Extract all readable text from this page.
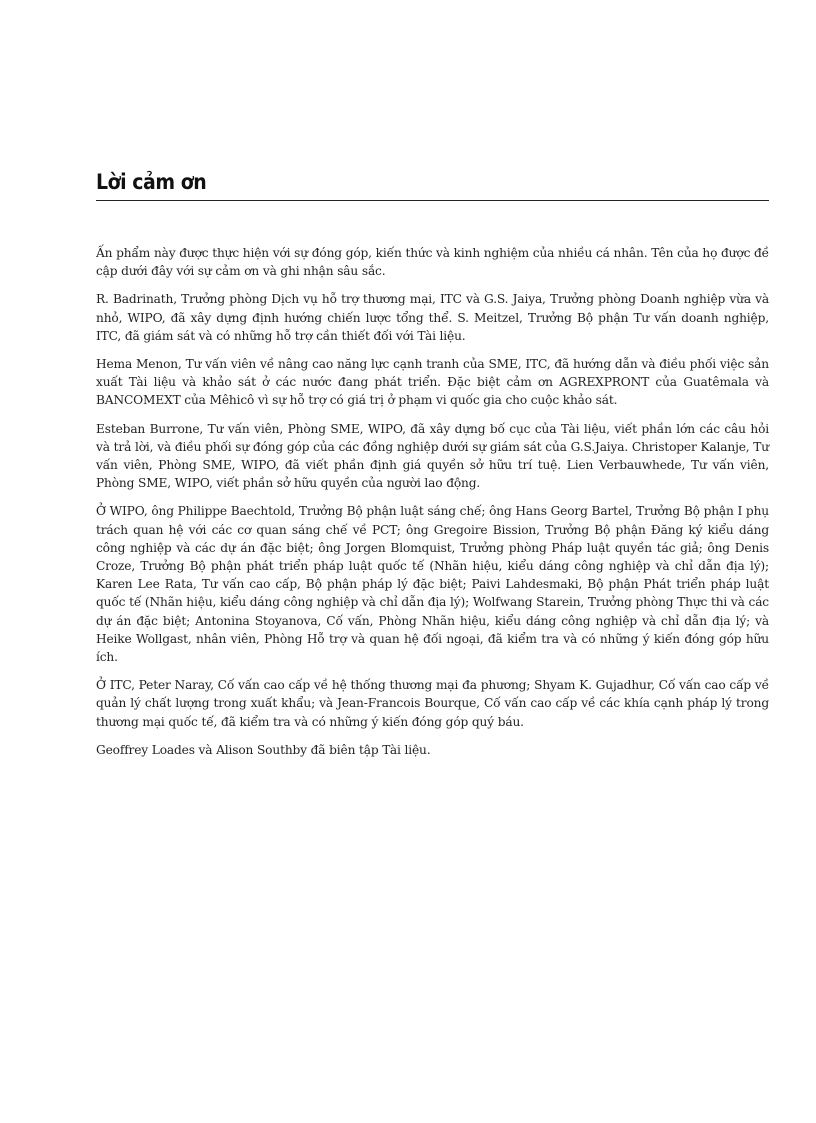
Lời cảm ơn

Ấn phẩm này được thực hiện với sự đóng góp, kiến thức và kinh nghiệm của nhiều cá nhân. Tên của họ được đề cập dưới đây với sự cảm ơn và ghi nhận sâu sắc.

R. Badrinath, Trưởng phòng Dịch vụ hỗ trợ thương mại, ITC và G.S. Jaiya, Trưởng phòng Doanh nghiệp vừa và nhỏ, WIPO, đã xây dựng định hướng chiến lược tổng thể. S. Meitzel, Trưởng Bộ phận Tư vấn doanh nghiệp, ITC, đã giám sát và có những hỗ trợ cần thiết đối với Tài liệu.

Hema Menon, Tư vấn viên về nâng cao năng lực cạnh tranh của SME, ITC, đã hướng dẫn và điều phối việc sản xuất Tài liệu và khảo sát ở các nước đang phát triển. Đặc biệt cảm ơn AGREXPRONT của Guatêmala và BANCOMEXT của Mêhicô vì sự hỗ trợ có giá trị ở phạm vi quốc gia cho cuộc khảo sát.

Esteban Burrone, Tư vấn viên, Phòng SME, WIPO, đã xây dựng bố cục của Tài liệu, viết phần lớn các câu hỏi và trả lời, và điều phối sự đóng góp của các đồng nghiệp dưới sự giám sát của G.S.Jaiya. Christoper Kalanje, Tư vấn viên, Phòng SME, WIPO, đã viết phần định giá quyền sở hữu trí tuệ. Lien Verbauwhede, Tư vấn viên, Phòng SME, WIPO, viết phần sở hữu quyền của người lao động.

Ở WIPO, ông Philippe Baechtold, Trưởng Bộ phận luật sáng chế; ông Hans Georg Bartel, Trưởng Bộ phận I phụ trách quan hệ với các cơ quan sáng chế về PCT; ông Gregoire Bission, Trưởng Bộ phận Đăng ký kiểu dáng công nghiệp và các dự án đặc biệt; ông Jorgen Blomquist, Trưởng phòng Pháp luật quyền tác giả; ông Denis Croze, Trưởng Bộ phận phát triển pháp luật quốc tế (Nhãn hiệu, kiểu dáng công nghiệp và chỉ dẫn địa lý); Karen Lee Rata, Tư vấn cao cấp, Bộ phận pháp lý đặc biệt; Paivi Lahdesmaki, Bộ phận Phát triển pháp luật quốc tế (Nhãn hiệu, kiểu dáng công nghiệp và chỉ dẫn địa lý); Wolfwang Starein, Trưởng phòng Thực thi và các dự án đặc biệt; Antonina Stoyanova, Cố vấn, Phòng Nhãn hiệu, kiểu dáng công nghiệp và chỉ dẫn địa lý; và Heike Wollgast, nhân viên, Phòng Hỗ trợ và quan hệ đối ngoại, đã kiểm tra và có những ý kiến đóng góp hữu ích.

Ở ITC, Peter Naray, Cố vấn cao cấp về hệ thống thương mại đa phương; Shyam K. Gujadhur, Cố vấn cao cấp về quản lý chất lượng trong xuất khẩu; và Jean-Francois Bourque, Cố vấn cao cấp về các khía cạnh pháp lý trong thương mại quốc tế, đã kiểm tra và có những ý kiến đóng góp quý báu.

Geoffrey Loades và Alison Southby đã biên tập Tài liệu.
